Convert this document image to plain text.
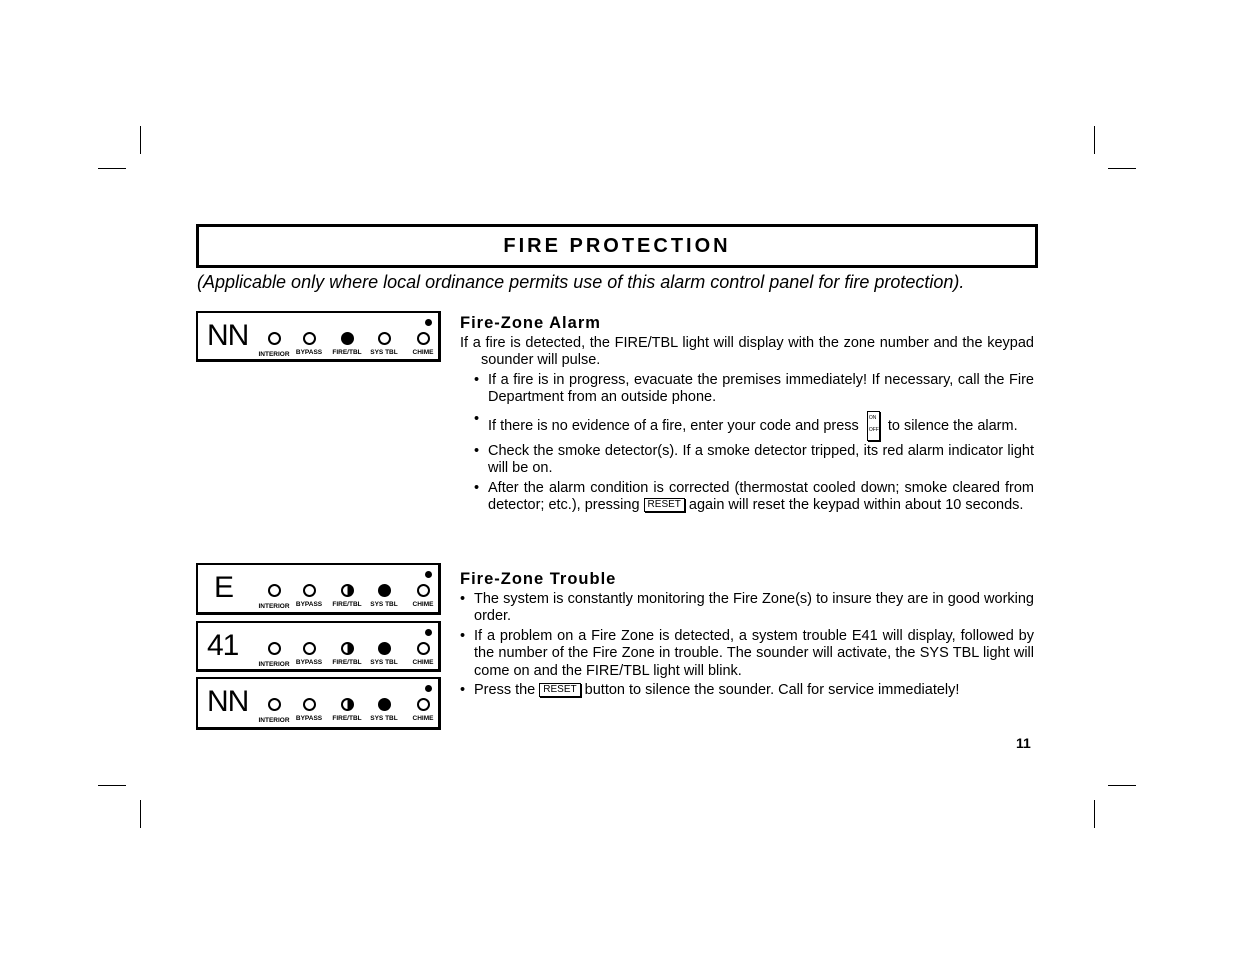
FIRE PROTECTION
(Applicable only where local ordinance permits use of this alarm control panel for fire protection).
NN
INTERIOR BYPASS	FIRE/TBL	SYS TBL	CHIME
E
INTERIOR BYPASS	FIRE/TBL	SYS TBL	CHIME
41
INTERIOR BYPASS	FIRE/TBL	SYS TBL	CHIME
NN
INTERIOR BYPASS	FIRE/TBL	SYS TBL	CHIME
Fire-Zone Alarm
If a fire is detected, the FIRE/TBL light will display with the zone number and the keypad sounder will pulse.
• If a fire is in progress, evacuate the premises immediately! If necessary, call the Fire Department from an outside phone.
• If there is no evidence of a fire, enter your code and press ON
OFF to silence the alarm.
• Check the smoke detector(s). If a smoke detector tripped, its red alarm indicator light will be on.
• After the alarm condition is corrected (thermostat cooled down; smoke cleared from detector; etc.), pressing RESET again will reset the keypad within about 10 seconds.
Fire-Zone Trouble
• The system is constantly monitoring the Fire Zone(s) to insure they are in good working order.
• If a problem on a Fire Zone is detected, a system trouble E41 will display, followed by the number of the Fire Zone in trouble. The sounder will activate, the SYS TBL light will come on and the FIRE/TBL light will blink.
• Press the RESET button to silence the sounder. Call for service immediately!
11
